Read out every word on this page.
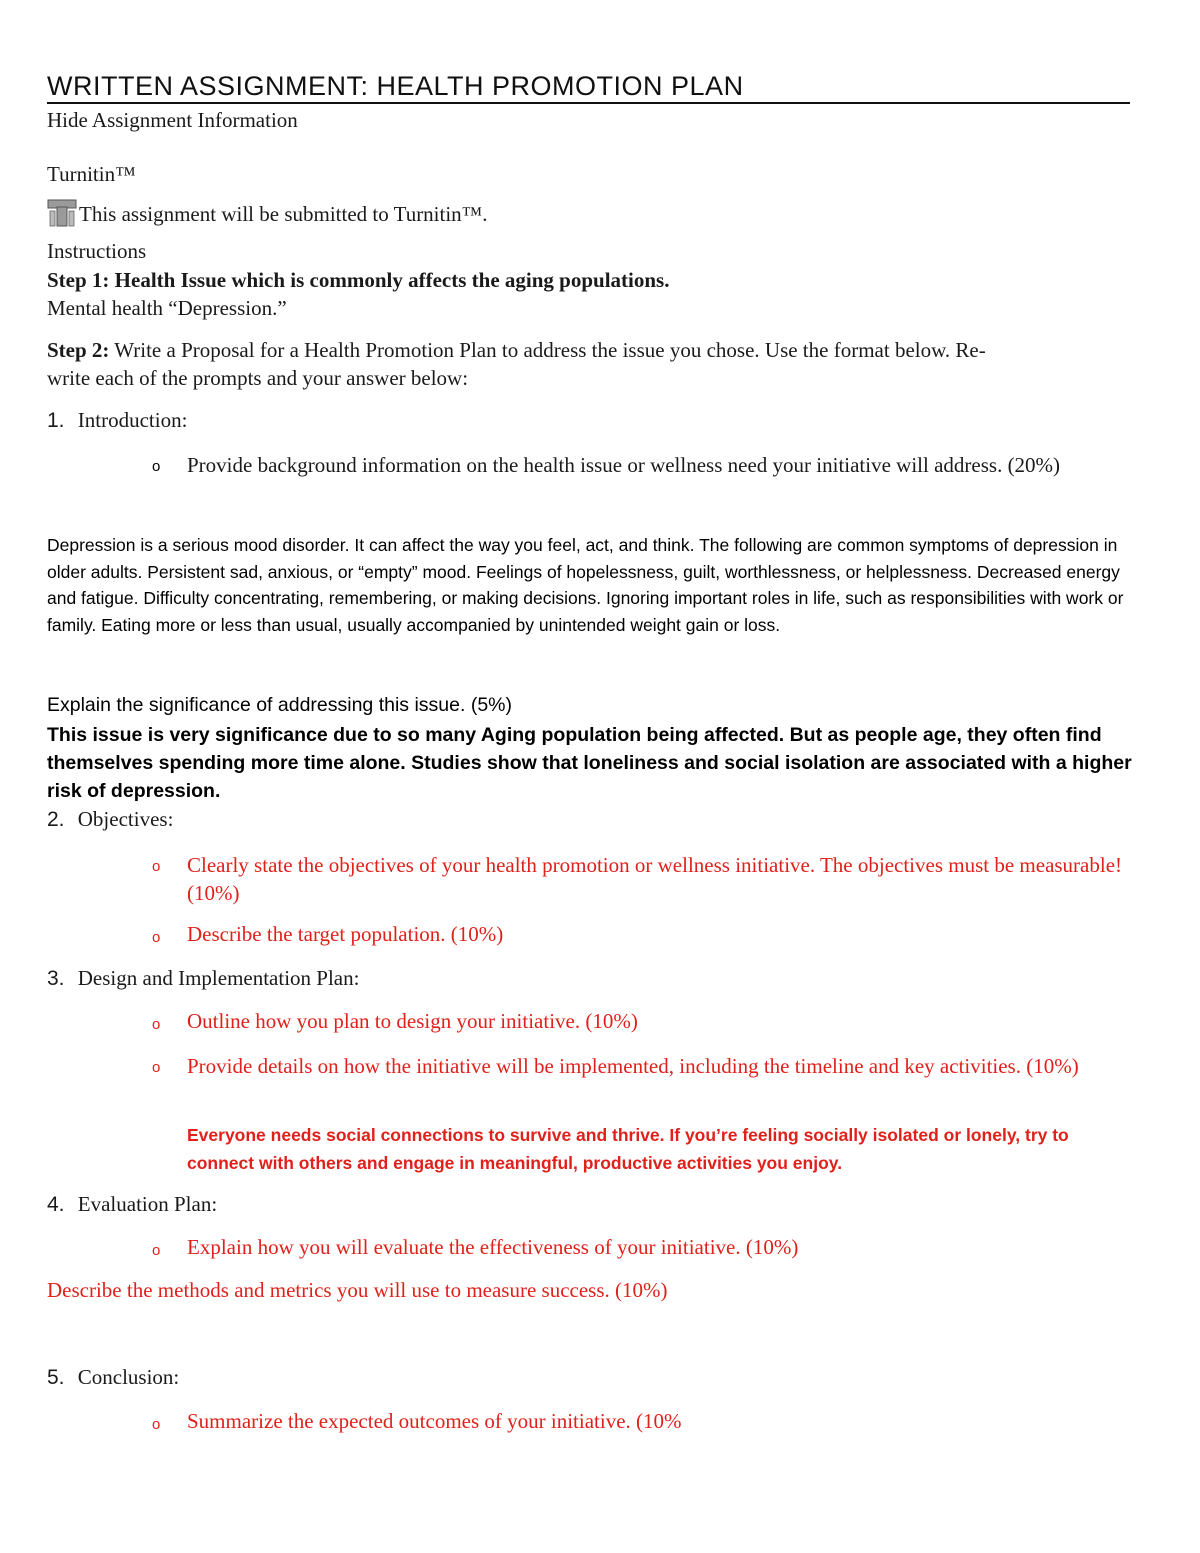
WRITTEN ASSIGNMENT: HEALTH PROMOTION PLAN
Hide Assignment Information
Turnitin™
This assignment will be submitted to Turnitin™.
Instructions
Step 1: Health Issue which is commonly affects the aging populations.
Mental health “Depression.”
Step 2: Write a Proposal for a Health Promotion Plan to address the issue you chose. Use the format below. Re-
write each of the prompts and your answer below:
1. Introduction:
o Provide background information on the health issue or wellness need your initiative will address. (20%)
Depression is a serious mood disorder. It can affect the way you feel, act, and think. The following are common symptoms of depression in older adults. Persistent sad, anxious, or “empty” mood. Feelings of hopelessness, guilt, worthlessness, or helplessness. Decreased energy and fatigue. Difficulty concentrating, remembering, or making decisions. Ignoring important roles in life, such as responsibilities with work or family. Eating more or less than usual, usually accompanied by unintended weight gain or loss.
Explain the significance of addressing this issue. (5%)
This issue is very significance due to so many Aging population being affected. But as people age, they often find themselves spending more time alone. Studies show that loneliness and social isolation are associated with a higher risk of depression.
2. Objectives:
o Clearly state the objectives of your health promotion or wellness initiative. The objectives must be measurable! (10%)
o Describe the target population. (10%)
3. Design and Implementation Plan:
o Outline how you plan to design your initiative. (10%)
o Provide details on how the initiative will be implemented, including the timeline and key activities. (10%)
Everyone needs social connections to survive and thrive. If you’re feeling socially isolated or lonely, try to connect with others and engage in meaningful, productive activities you enjoy.
4. Evaluation Plan:
o Explain how you will evaluate the effectiveness of your initiative. (10%)
Describe the methods and metrics you will use to measure success. (10%)
5. Conclusion:
o Summarize the expected outcomes of your initiative. (10%
